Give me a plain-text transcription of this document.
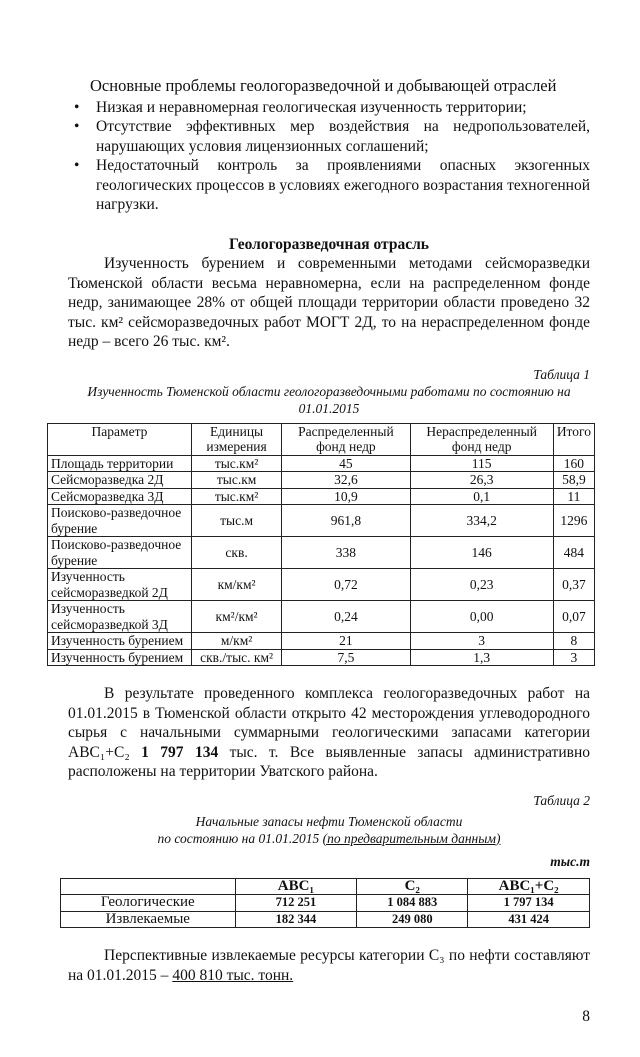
Основные проблемы геологоразведочной и добывающей отраслей
• Низкая и неравномерная геологическая изученность территории;
• Отсутствие эффективных мер воздействия на недропользователей, нарушающих условия лицензионных соглашений;
• Недостаточный контроль за проявлениями опасных экзогенных геологических процессов в условиях ежегодного возрастания техногенной нагрузки.
Геологоразведочная отрасль
Изученность бурением и современными методами сейсморазведки Тюменской области весьма неравномерна, если на распределенном фонде недр, занимающее 28% от общей площади территории области проведено 32 тыс. км² сейсморазведочных работ МОГТ 2Д, то на нераспределенном фонде недр – всего 26 тыс. км².
Таблица 1
Изученность Тюменской области геологоразведочными работами по состоянию на 01.01.2015
Параметр	Единицы измерения	Распределенный фонд недр	Нераспределенный фонд недр	Итого
Площадь территории	тыс.км²	45	115	160
Сейсморазведка 2Д	тыс.км	32,6	26,3	58,9
Сейсморазведка 3Д	тыс.км²	10,9	0,1	11
Поисково-разведочное бурение	тыс.м	961,8	334,2	1296
Поисково-разведочное бурение	скв.	338	146	484
Изученность сейсморазведкой 2Д	км/км²	0,72	0,23	0,37
Изученность сейсморазведкой 3Д	км²/км²	0,24	0,00	0,07
Изученность бурением	м/км²	21	3	8
Изученность бурением	скв./тыс. км²	7,5	1,3	3
В результате проведенного комплекса геологоразведочных работ на 01.01.2015 в Тюменской области открыто 42 месторождения углеводородного сырья с начальными суммарными геологическими запасами категории АВС₁+С₂ 1 797 134 тыс. т. Все выявленные запасы административно расположены на территории Уватского района.
Таблица 2
Начальные запасы нефти Тюменской области
по состоянию на 01.01.2015 (по предварительным данным)
тыс.т
	АВС₁	С₂	АВС₁+С₂
Геологические	712 251	1 084 883	1 797 134
Извлекаемые	182 344	249 080	431 424
Перспективные извлекаемые ресурсы категории С₃ по нефти составляют на 01.01.2015 – 400 810 тыс. тонн.
8
